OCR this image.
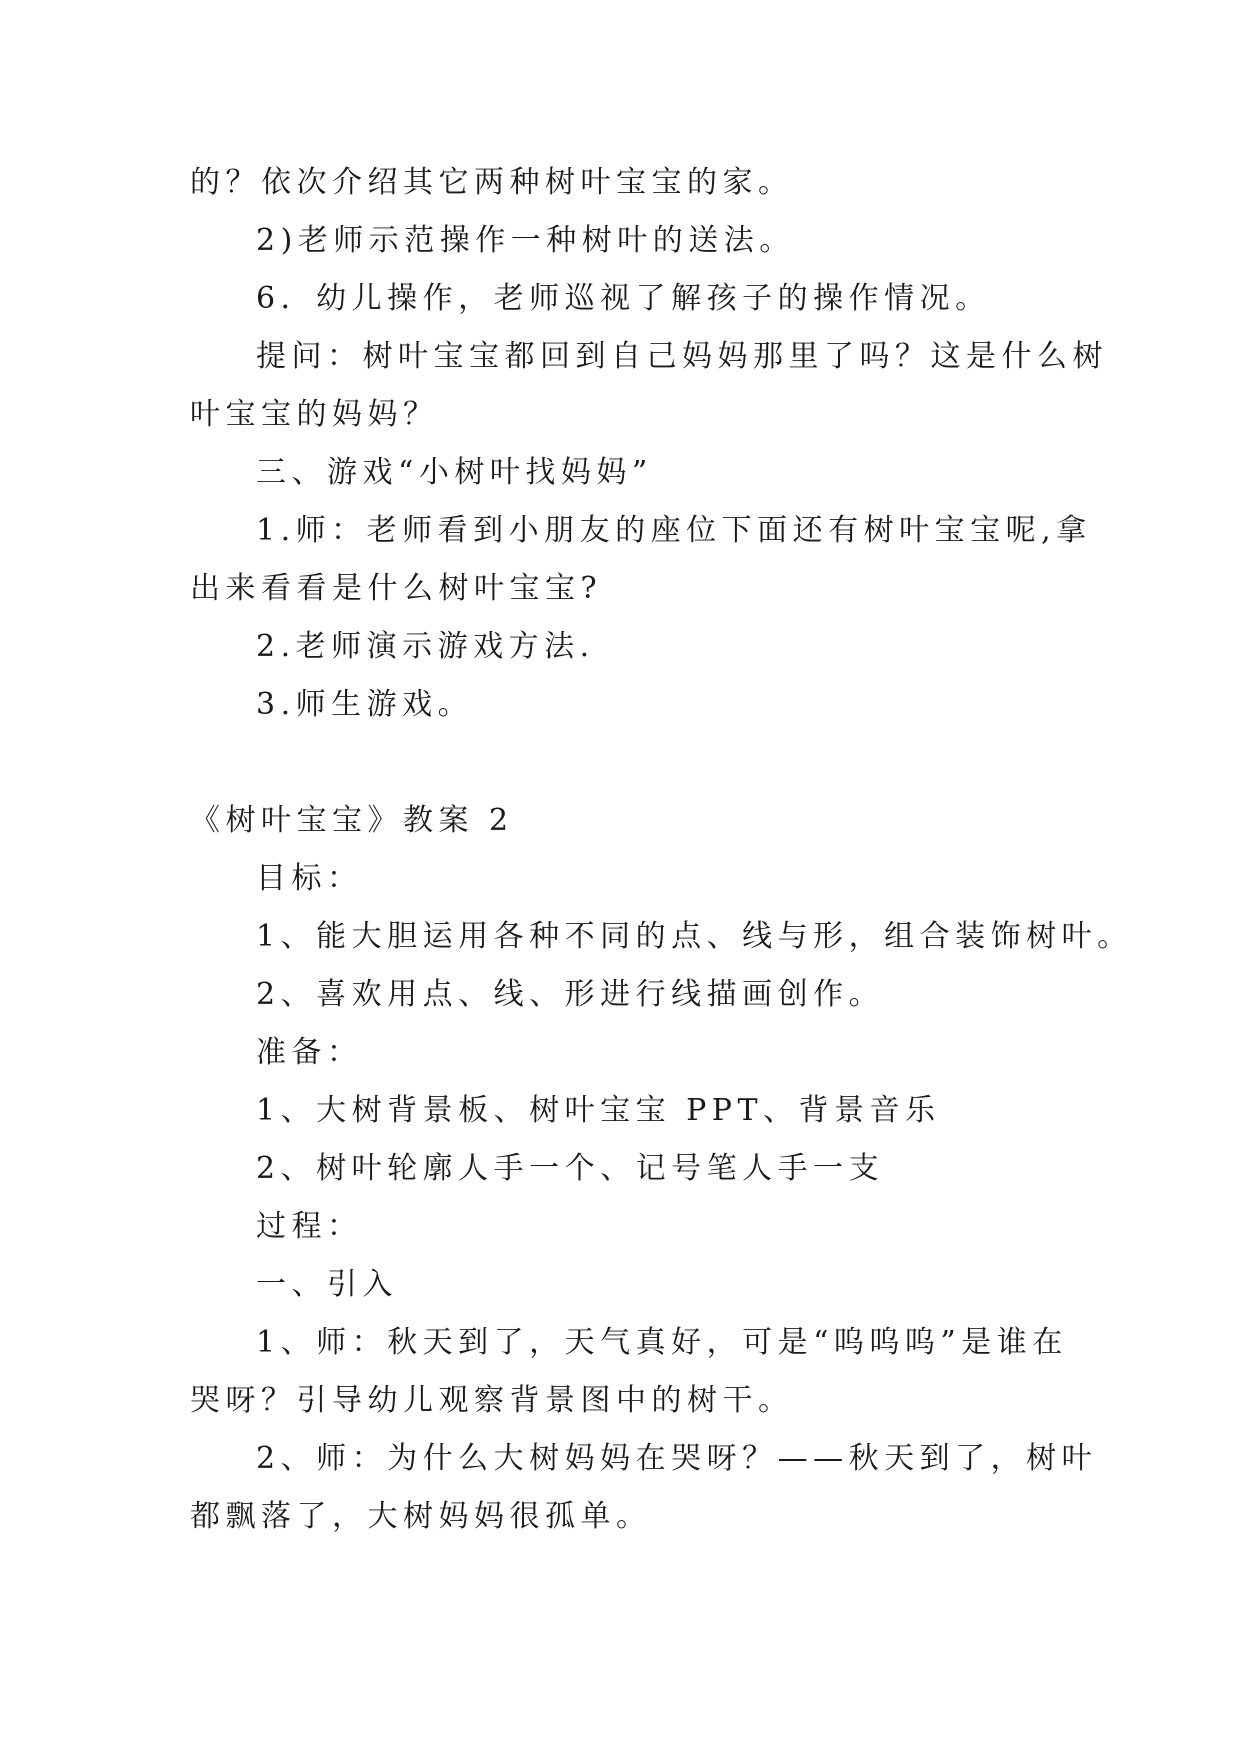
的？依次介绍其它两种树叶宝宝的家。
2)老师示范操作一种树叶的送法。
6．幼儿操作，老师巡视了解孩子的操作情况。
提问：树叶宝宝都回到自己妈妈那里了吗？这是什么树
叶宝宝的妈妈？
三、游戏“小树叶找妈妈”
1.师：老师看到小朋友的座位下面还有树叶宝宝呢,拿
出来看看是什么树叶宝宝?
2.老师演示游戏方法.
3.师生游戏。
《树叶宝宝》教案 2
目标：
1、能大胆运用各种不同的点、线与形，组合装饰树叶。
2、喜欢用点、线、形进行线描画创作。
准备：
1、大树背景板、树叶宝宝 PPT、背景音乐
2、树叶轮廓人手一个、记号笔人手一支
过程：
一、引入
1、师：秋天到了，天气真好，可是“呜呜呜”是谁在
哭呀？引导幼儿观察背景图中的树干。
2、师：为什么大树妈妈在哭呀？——秋天到了，树叶
都飘落了，大树妈妈很孤单。
